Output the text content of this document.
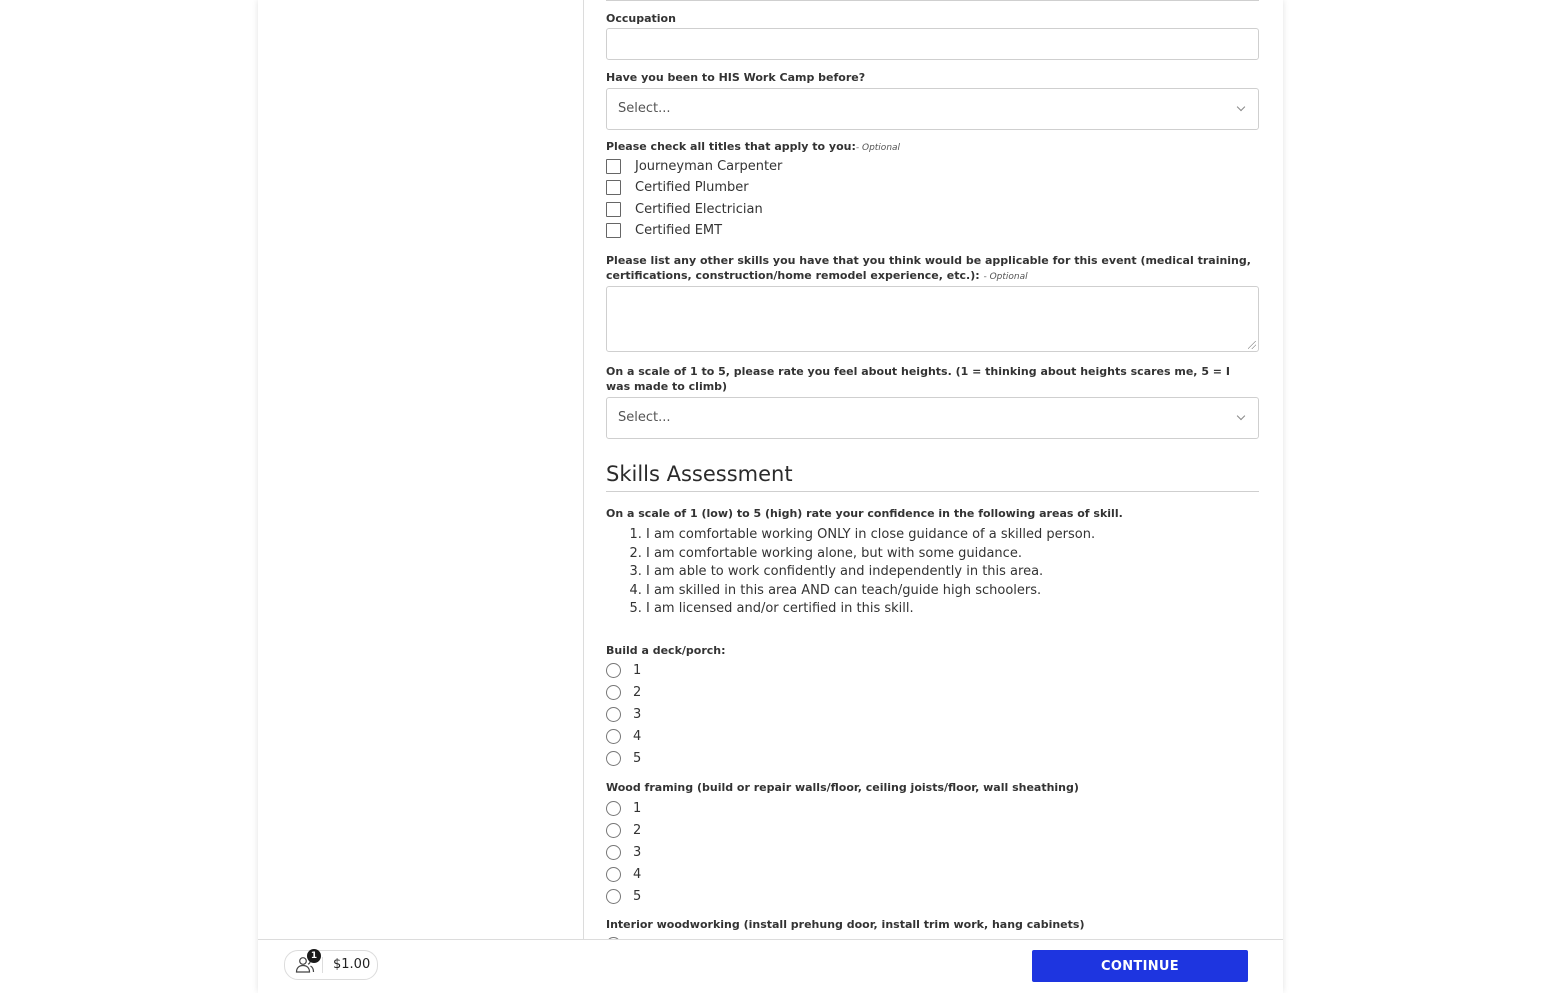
Occupation
Have you been to HIS Work Camp before?
Select...
Please check all titles that apply to you:- Optional
Journeyman Carpenter
Certified Plumber
Certified Electrician
Certified EMT
Please list any other skills you have that you think would be applicable for this event (medical training, certifications, construction/home remodel experience, etc.): - Optional
On a scale of 1 to 5, please rate you feel about heights. (1 = thinking about heights scares me, 5 = I was made to climb)
Select...
Skills Assessment
On a scale of 1 (low) to 5 (high) rate your confidence in the following areas of skill.
1. I am comfortable working ONLY in close guidance of a skilled person.
2. I am comfortable working alone, but with some guidance.
3. I am able to work confidently and independently in this area.
4. I am skilled in this area AND can teach/guide high schoolers.
5. I am licensed and/or certified in this skill.
Build a deck/porch:
1
2
3
4
5
Wood framing (build or repair walls/floor, ceiling joists/floor, wall sheathing)
1
2
3
4
5
Interior woodworking (install prehung door, install trim work, hang cabinets)
1
$1.00	CONTINUE
